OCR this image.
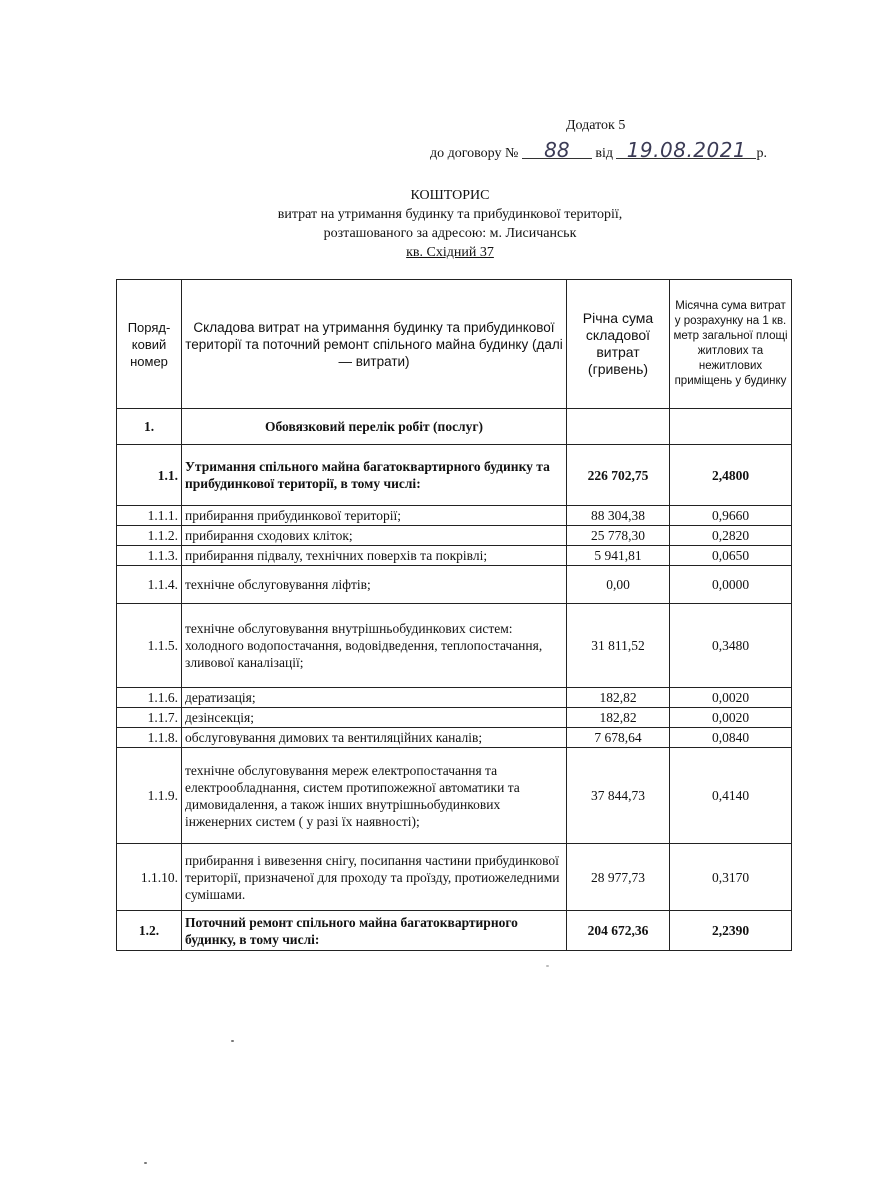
Додаток 5
до договору № 88 від 19.08.2021 р.
КОШТОРИС
витрат на утримання будинку та прибудинкової території,
розташованого за адресою: м. Лисичанськ
кв. Східний 37
Поряд-ковий номер	Складова витрат на утримання будинку та прибудинкової території та поточний ремонт спільного майна будинку (далі — витрати)	Річна сума складової витрат (гривень)	Місячна сума витрат у розрахунку на 1 кв. метр загальної площі житлових та нежитлових приміщень у будинку
1.	Обовязковий перелік робіт (послуг)		
1.1.	Утримання спільного майна багатоквартирного будинку та прибудинкової території, в тому числі:	226 702,75	2,4800
1.1.1.	прибирання прибудинкової території;	88 304,38	0,9660
1.1.2.	прибирання сходових кліток;	25 778,30	0,2820
1.1.3.	прибирання підвалу, технічних поверхів та покрівлі;	5 941,81	0,0650
1.1.4.	технічне обслуговування ліфтів;	0,00	0,0000
1.1.5.	технічне обслуговування внутрішньобудинкових систем: холодного водопостачання, водовідведення, теплопостачання, зливової каналізації;	31 811,52	0,3480
1.1.6.	дератизація;	182,82	0,0020
1.1.7.	дезінсекція;	182,82	0,0020
1.1.8.	обслуговування димових та вентиляційних каналів;	7 678,64	0,0840
1.1.9.	технічне обслуговування мереж електропостачання та електрообладнання, систем протипожежної автоматики та димовидалення, а також інших внутрішньобудинкових інженерних систем ( у разі їх наявності);	37 844,73	0,4140
1.1.10.	прибирання і вивезення снігу, посипання частини прибудинкової території, призначеної для проходу та проїзду, протиожеледними сумішами.	28 977,73	0,3170
1.2.	Поточний ремонт спільного майна багатоквартирного будинку, в тому числі:	204 672,36	2,2390
